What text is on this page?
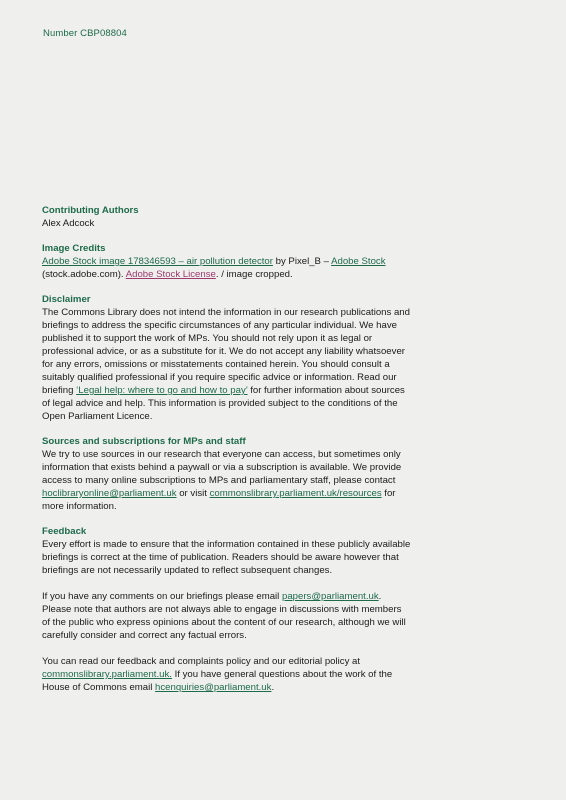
Number CBP08804
Contributing Authors

Alex Adcock

Image Credits

Adobe Stock image 178346593 – air pollution detector by Pixel_B – Adobe Stock (stock.adobe.com). Adobe Stock License. / image cropped.

Disclaimer

The Commons Library does not intend the information in our research publications and briefings to address the specific circumstances of any particular individual. We have published it to support the work of MPs. You should not rely upon it as legal or professional advice, or as a substitute for it. We do not accept any liability whatsoever for any errors, omissions or misstatements contained herein. You should consult a suitably qualified professional if you require specific advice or information. Read our briefing ‘Legal help: where to go and how to pay’ for further information about sources of legal advice and help. This information is provided subject to the conditions of the Open Parliament Licence.

Sources and subscriptions for MPs and staff

We try to use sources in our research that everyone can access, but sometimes only information that exists behind a paywall or via a subscription is available. We provide access to many online subscriptions to MPs and parliamentary staff, please contact hoclibraryonline@parliament.uk or visit commonslibrary.parliament.uk/resources for more information.

Feedback

Every effort is made to ensure that the information contained in these publicly available briefings is correct at the time of publication. Readers should be aware however that briefings are not necessarily updated to reflect subsequent changes.

If you have any comments on our briefings please email papers@parliament.uk. Please note that authors are not always able to engage in discussions with members of the public who express opinions about the content of our research, although we will carefully consider and correct any factual errors.

You can read our feedback and complaints policy and our editorial policy at commonslibrary.parliament.uk. If you have general questions about the work of the House of Commons email hcenquiries@parliament.uk.
